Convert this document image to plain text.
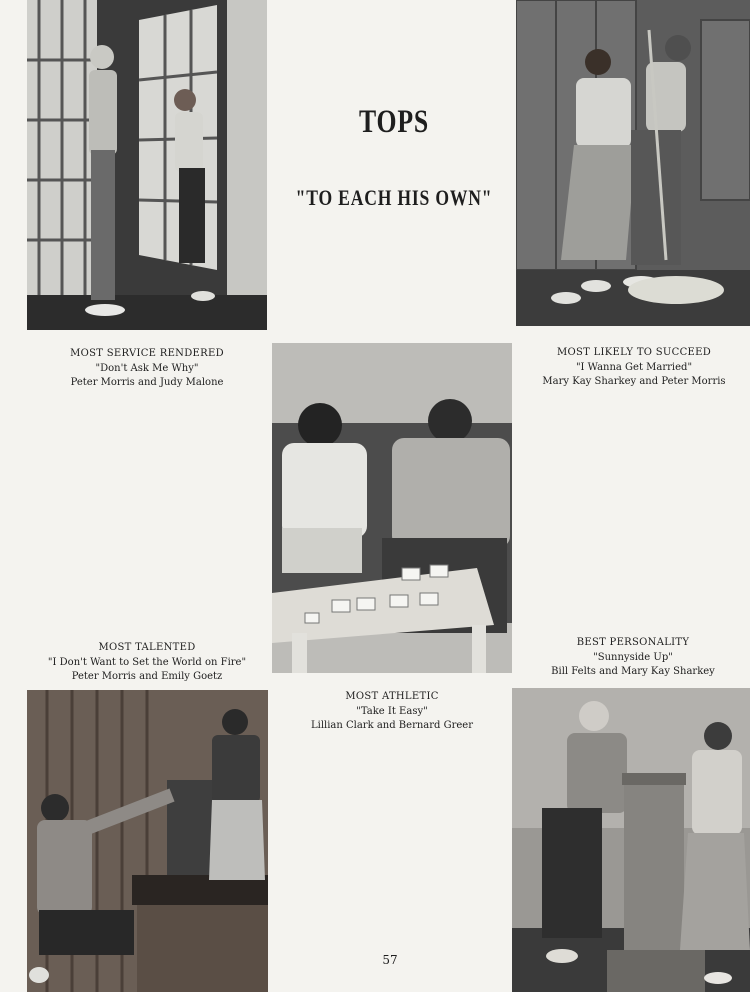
TOPS
"TO EACH HIS OWN"
MOST SERVICE RENDERED
"Don't Ask Me Why"
Peter Morris and Judy Malone
MOST LIKELY TO SUCCEED
"I Wanna Get Married"
Mary Kay Sharkey and Peter Morris
MOST TALENTED
"I Don't Want to Set the World on Fire"
Peter Morris and Emily Goetz
BEST PERSONALITY
"Sunnyside Up"
Bill Felts and Mary Kay Sharkey
MOST ATHLETIC
"Take It Easy"
Lillian Clark and Bernard Greer
57
